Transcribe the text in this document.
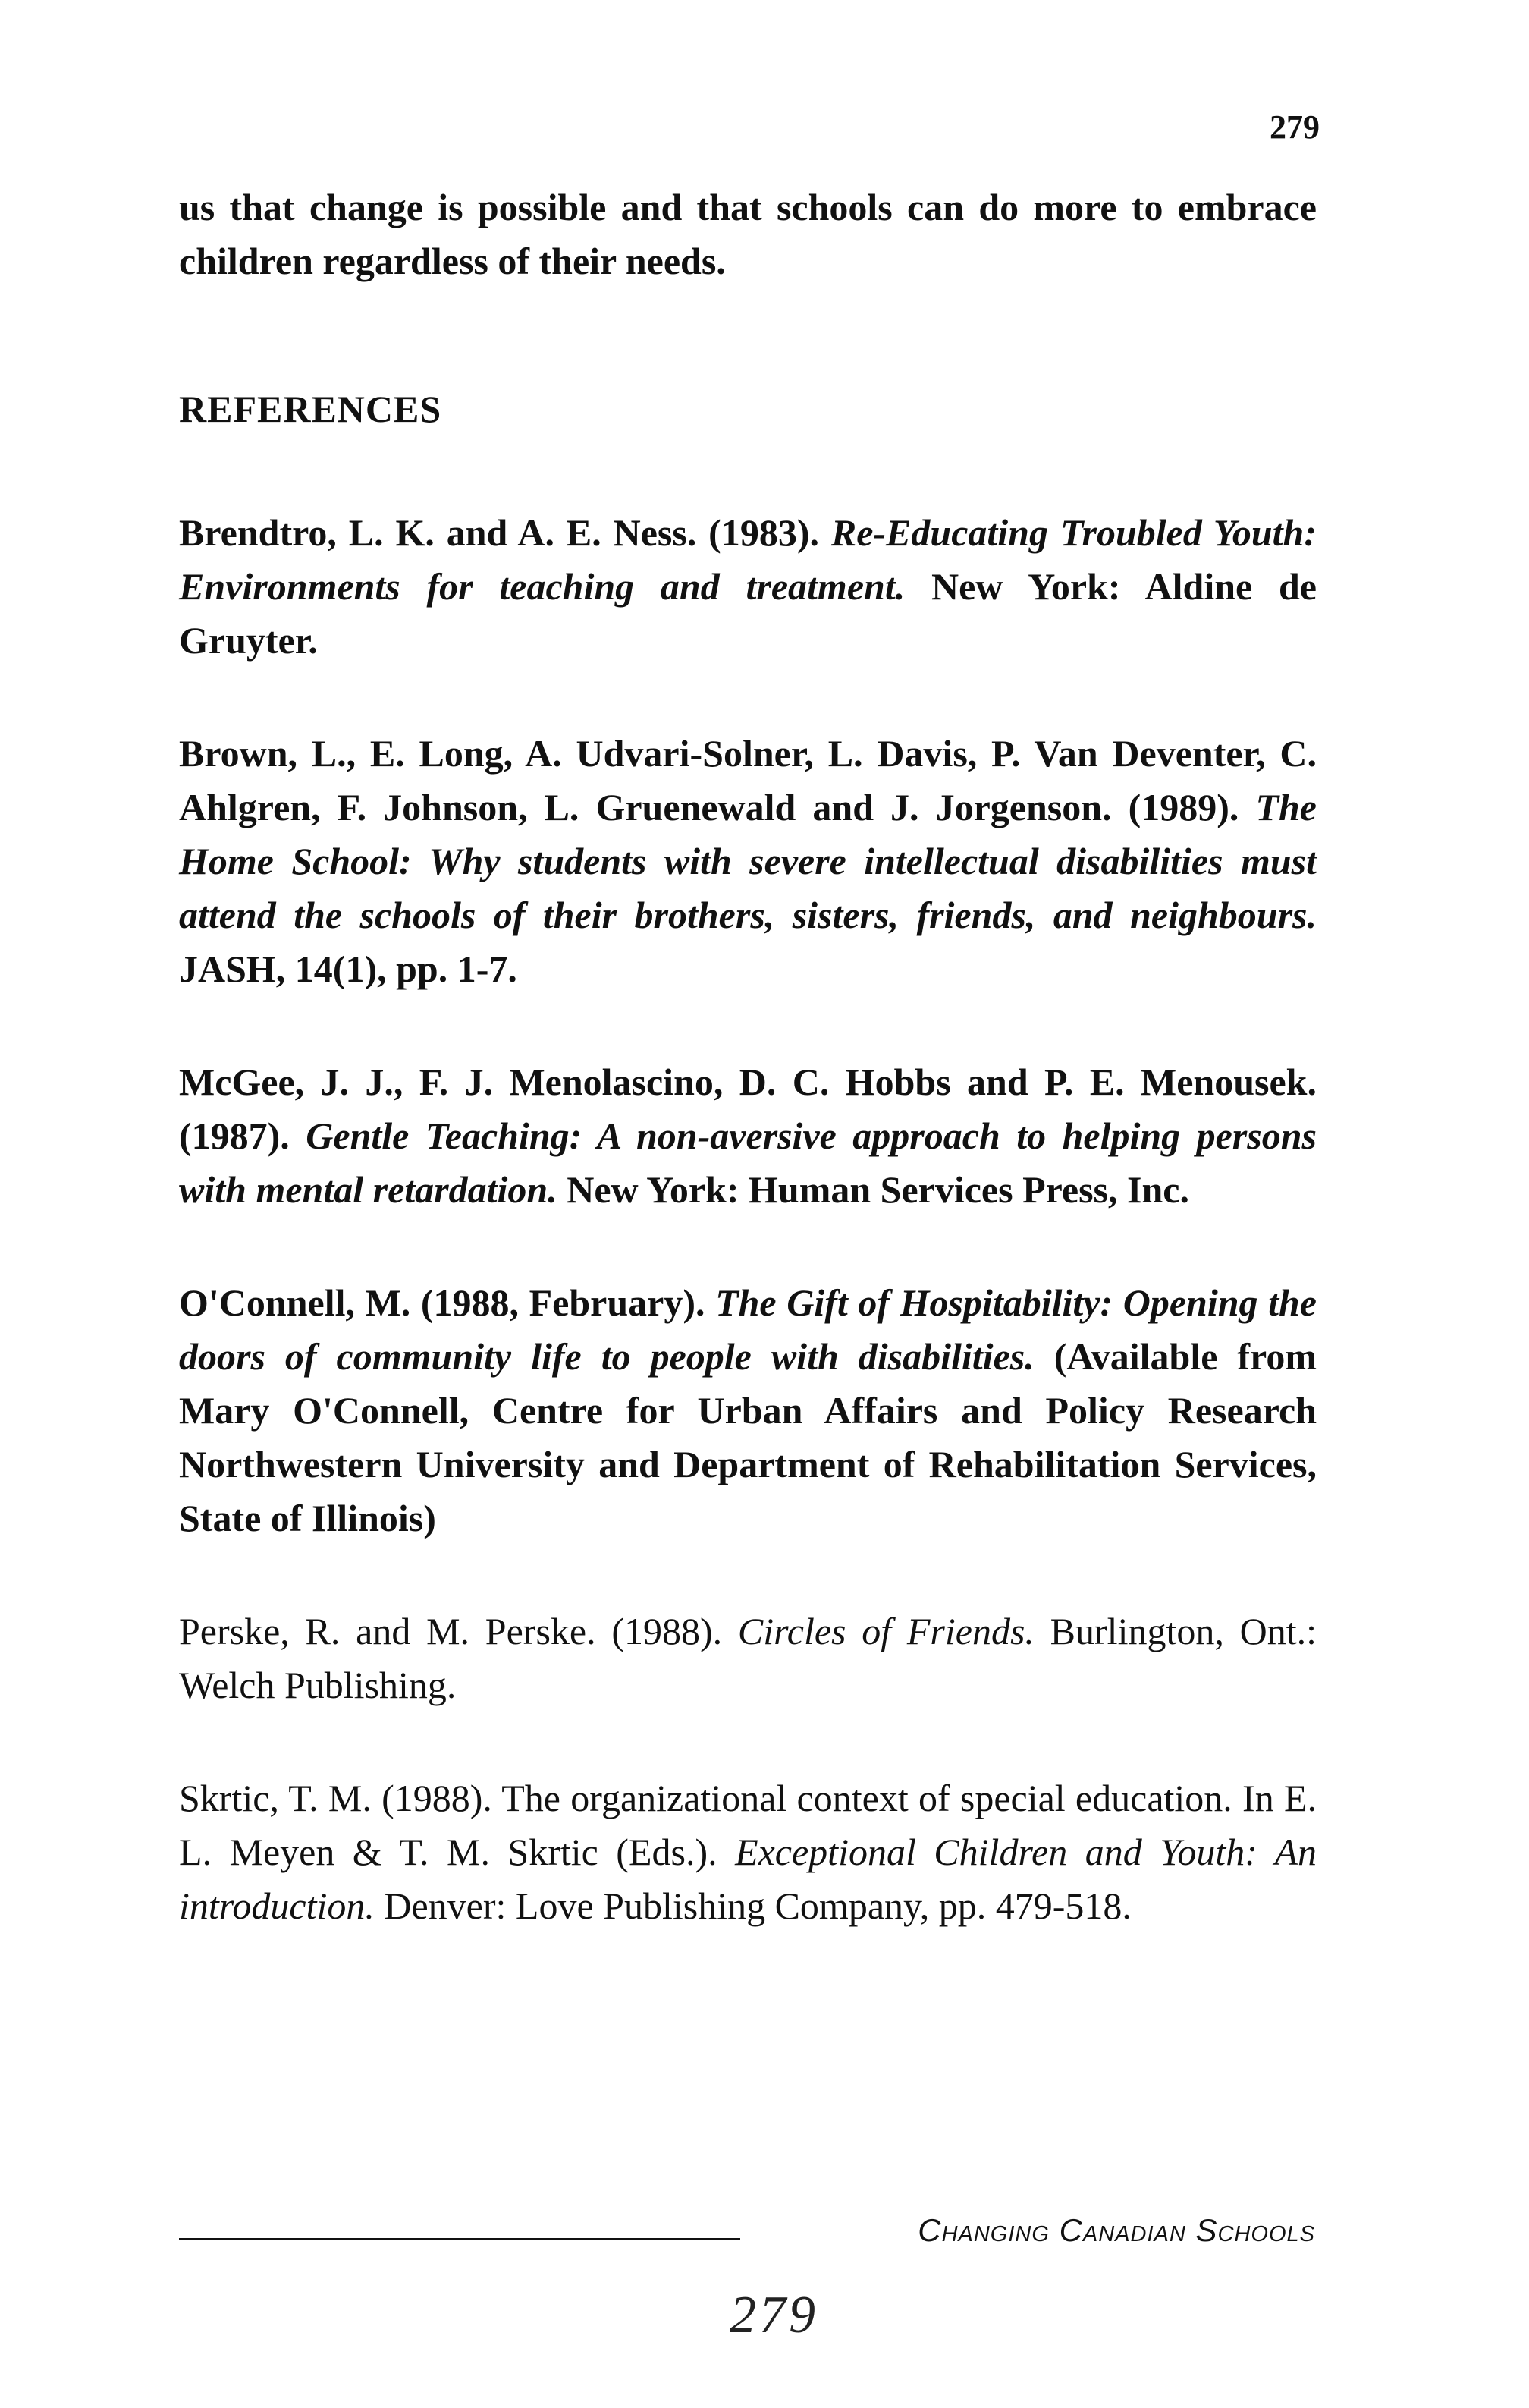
279

us that change is possible and that schools can do more to embrace children regardless of their needs.

REFERENCES

Brendtro, L. K. and A. E. Ness. (1983). Re-Educating Troubled Youth: Environments for teaching and treatment. New York: Aldine de Gruyter.

Brown, L., E. Long, A. Udvari-Solner, L. Davis, P. Van Deventer, C. Ahlgren, F. Johnson, L. Gruenewald and J. Jorgenson. (1989). The Home School: Why students with severe intellectual disabilities must attend the schools of their brothers, sisters, friends, and neighbours. JASH, 14(1), pp. 1-7.

McGee, J. J., F. J. Menolascino, D. C. Hobbs and P. E. Menousek. (1987). Gentle Teaching: A non-aversive approach to helping persons with mental retardation. New York: Human Services Press, Inc.

O'Connell, M. (1988, February). The Gift of Hospitability: Opening the doors of community life to people with disabilities. (Available from Mary O'Connell, Centre for Urban Affairs and Policy Research Northwestern University and Department of Rehabilitation Services, State of Illinois)

Perske, R. and M. Perske. (1988). Circles of Friends. Burlington, Ont.: Welch Publishing.

Skrtic, T. M. (1988). The organizational context of special education. In E. L. Meyen & T. M. Skrtic (Eds.). Exceptional Children and Youth: An introduction. Denver: Love Publishing Company, pp. 479-518.

Changing Canadian Schools
279
